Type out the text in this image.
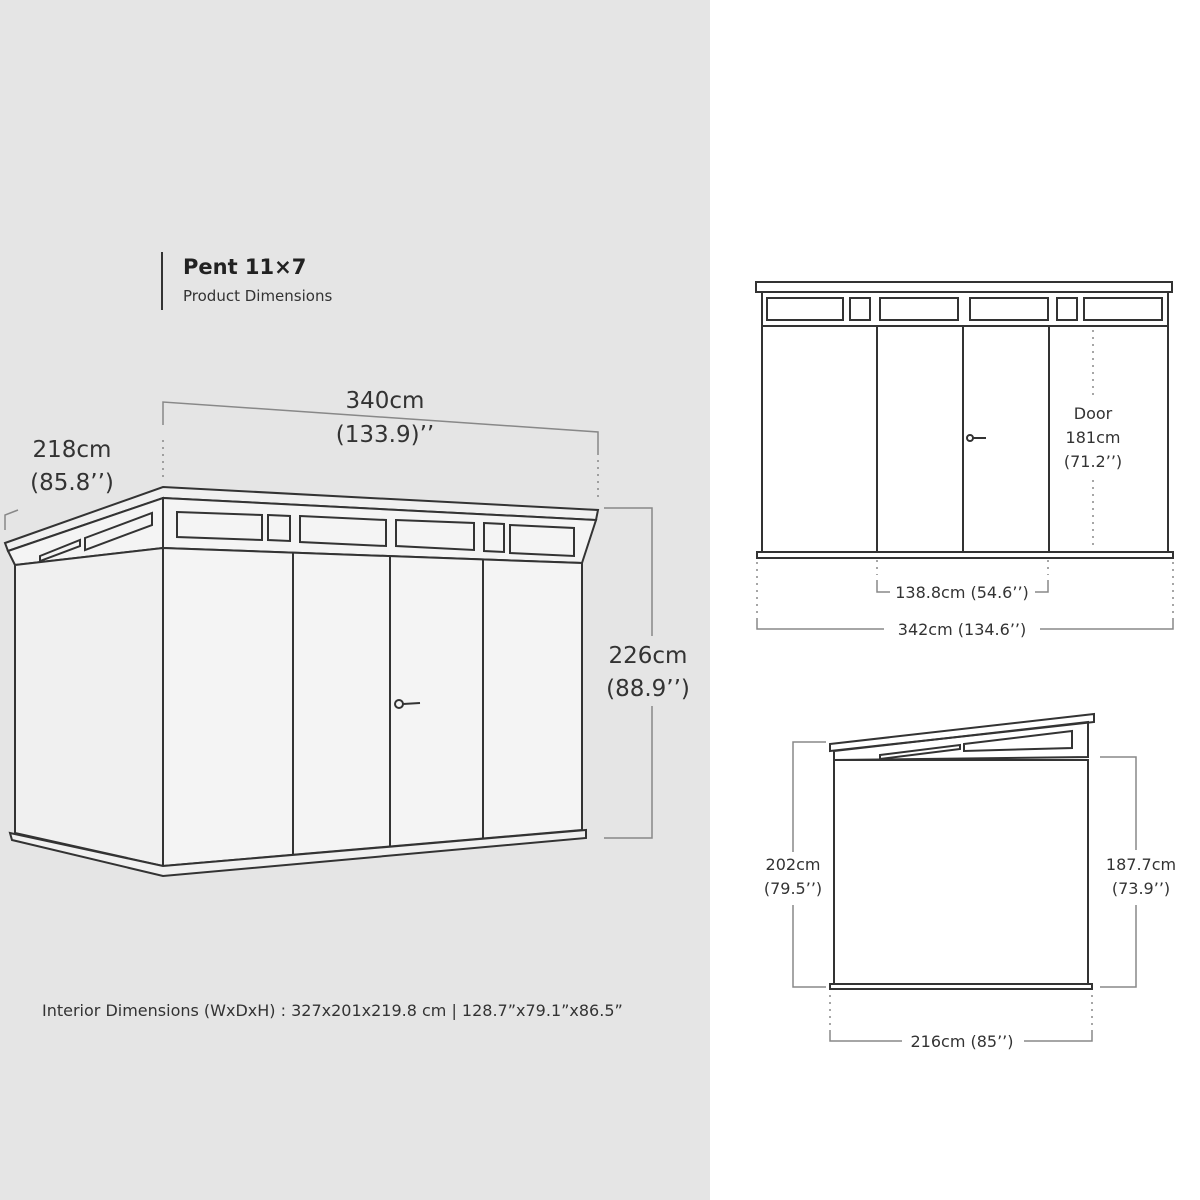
Pent 11×7
Product Dimensions
340cm
(133.9)’’
218cm
(85.8’’)
226cm
(88.9’’)
Door
181cm
(71.2’’)
138.8cm (54.6’’)
342cm (134.6’’)
202cm
(79.5’’)
187.7cm
(73.9’’)
216cm (85’’)
Interior Dimensions (WxDxH) : 327x201x219.8 cm | 128.7”x79.1”x86.5”
